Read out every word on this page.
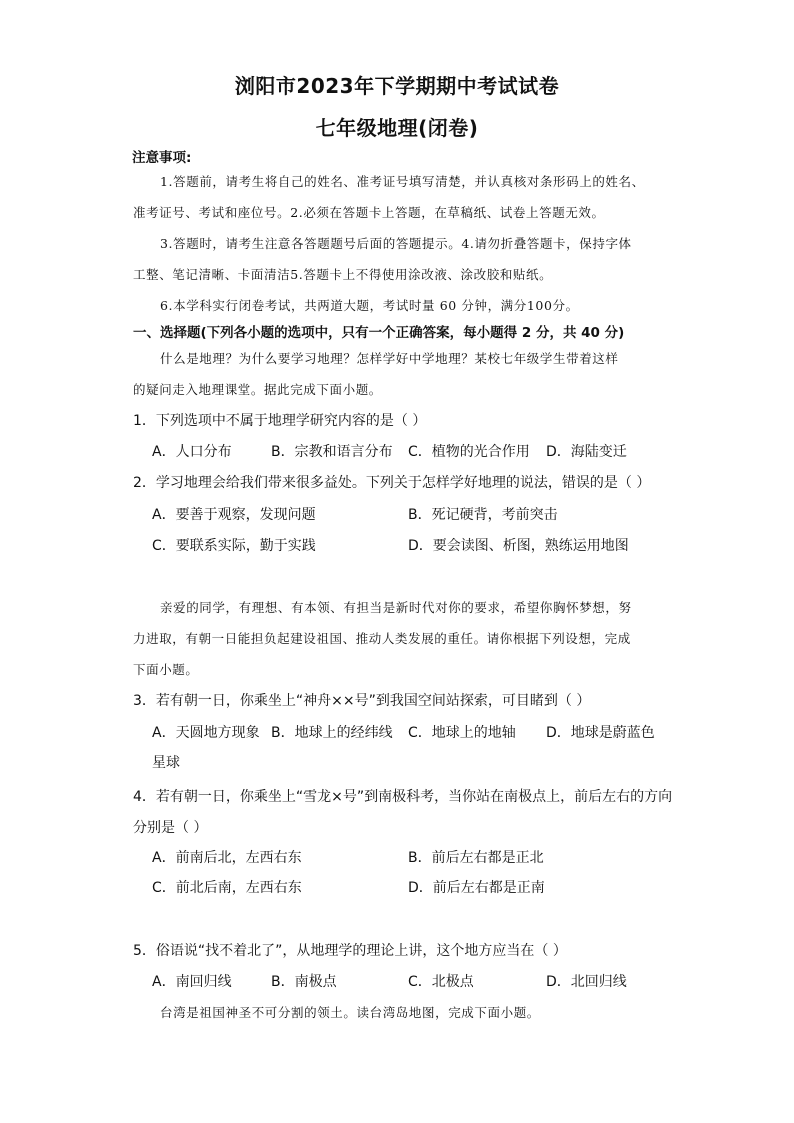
浏阳市2023年下学期期中考试试卷
七年级地理(闭卷)
注意事项:
1.答题前，请考生将自己的姓名、准考证号填写清楚，并认真核对条形码上的姓名、
准考证号、考试和座位号。2.必须在答题卡上答题，在草稿纸、试卷上答题无效。
3.答题时，请考生注意各答题题号后面的答题提示。4.请勿折叠答题卡，保持字体
工整、笔记清晰、卡面清洁5.答题卡上不得使用涂改液、涂改胶和贴纸。
6.本学科实行闭卷考试，共两道大题，考试时量 60 分钟，满分100分。
一、选择题(下列各小题的选项中，只有一个正确答案，每小题得 2 分，共 40 分)
什么是地理？为什么要学习地理？怎样学好中学地理？某校七年级学生带着这样
的疑问走入地理课堂。据此完成下面小题。
1．下列选项中不属于地理学研究内容的是（ ）
A．人口分布	B．宗教和语言分布 C．植物的光合作用 D．海陆变迁
2．学习地理会给我们带来很多益处。下列关于怎样学好地理的说法，错误的是（ ）
A．要善于观察，发现问题	B．死记硬背，考前突击
C．要联系实际，勤于实践	D．要会读图、析图，熟练运用地图
亲爱的同学，有理想、有本领、有担当是新时代对你的要求，希望你胸怀梦想，努
力进取，有朝一日能担负起建设祖国、推动人类发展的重任。请你根据下列设想，完成
下面小题。
3．若有朝一日，你乘坐上“神舟××号”到我国空间站探索，可目睹到（ ）
A．天圆地方现象 B．地球上的经纬线 C．地球上的地轴 D．地球是蔚蓝色
星球
4．若有朝一日，你乘坐上“雪龙×号”到南极科考，当你站在南极点上，前后左右的方向
分别是（ ）
A．前南后北，左西右东	B．前后左右都是正北
C．前北后南，左西右东	D．前后左右都是正南
5．俗语说“找不着北了”，从地理学的理论上讲，这个地方应当在（ ）
A．南回归线	B．南极点	C．北极点	D．北回归线
台湾是祖国神圣不可分割的领土。读台湾岛地图，完成下面小题。
